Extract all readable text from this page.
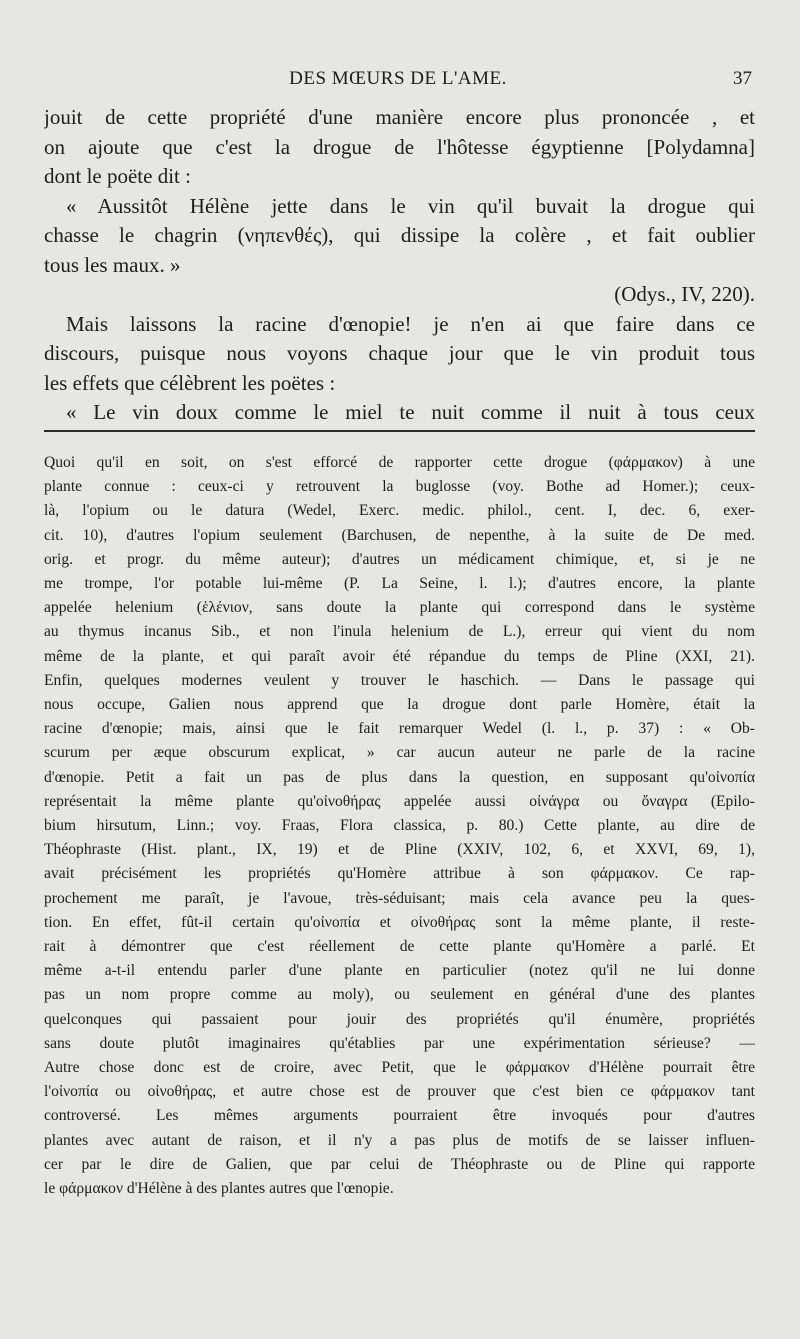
DES MŒURS DE L'AME.	37
jouit de cette propriété d'une manière encore plus prononcée , et
on ajoute que c'est la drogue de l'hôtesse égyptienne [Polydamna]
dont le poëte dit :
« Aussitôt Hélène jette dans le vin qu'il buvait la drogue qui
chasse le chagrin (νηπενθές), qui dissipe la colère , et fait oublier
tous les maux. »
(Odys., IV, 220).
Mais laissons la racine d'œnopie! je n'en ai que faire dans ce
discours, puisque nous voyons chaque jour que le vin produit tous
les effets que célèbrent les poëtes :
« Le vin doux comme le miel te nuit comme il nuit à tous ceux
Quoi qu'il en soit, on s'est efforcé de rapporter cette drogue (φάρμακον) à une
plante connue : ceux-ci y retrouvent la buglosse (voy. Bothe ad Homer.); ceux-
là, l'opium ou le datura (Wedel, Exerc. medic. philol., cent. I, dec. 6, exer-
cit. 10), d'autres l'opium seulement (Barchusen, de nepenthe, à la suite de De med.
orig. et progr. du même auteur); d'autres un médicament chimique, et, si je ne
me trompe, l'or potable lui-même (P. La Seine, l. l.); d'autres encore, la plante
appelée helenium (ἑλένιον, sans doute la plante qui correspond dans le système
au thymus incanus Sib., et non l'inula helenium de L.), erreur qui vient du nom
même de la plante, et qui paraît avoir été répandue du temps de Pline (XXI, 21).
Enfin, quelques modernes veulent y trouver le haschich. — Dans le passage qui
nous occupe, Galien nous apprend que la drogue dont parle Homère, était la
racine d'œnopie; mais, ainsi que le fait remarquer Wedel (l. l., p. 37) : « Ob-
scurum per æque obscurum explicat, » car aucun auteur ne parle de la racine
d'œnopie. Petit a fait un pas de plus dans la question, en supposant qu'οἰνοπία
représentait la même plante qu'οἰνοθήρας appelée aussi οἰνάγρα ou ὄναγρα (Epilo-
bium hirsutum, Linn.; voy. Fraas, Flora classica, p. 80.) Cette plante, au dire de
Théophraste (Hist. plant., IX, 19) et de Pline (XXIV, 102, 6, et XXVI, 69, 1),
avait précisément les propriétés qu'Homère attribue à son φάρμακον. Ce rap-
prochement me paraît, je l'avoue, très-séduisant; mais cela avance peu la ques-
tion. En effet, fût-il certain qu'οἰνοπία et οἰνοθήρας sont la même plante, il reste-
rait à démontrer que c'est réellement de cette plante qu'Homère a parlé. Et
même a-t-il entendu parler d'une plante en particulier (notez qu'il ne lui donne
pas un nom propre comme au moly), ou seulement en général d'une des plantes
quelconques qui passaient pour jouir des propriétés qu'il énumère, propriétés
sans doute plutôt imaginaires qu'établies par une expérimentation sérieuse? —
Autre chose donc est de croire, avec Petit, que le φάρμακον d'Hélène pourrait être
l'οἰνοπία ou οἰνοθήρας, et autre chose est de prouver que c'est bien ce φάρμακον tant
controversé. Les mêmes arguments pourraient être invoqués pour d'autres
plantes avec autant de raison, et il n'y a pas plus de motifs de se laisser influen-
cer par le dire de Galien, que par celui de Théophraste ou de Pline qui rapporte
le φάρμακον d'Hélène à des plantes autres que l'œnopie.
